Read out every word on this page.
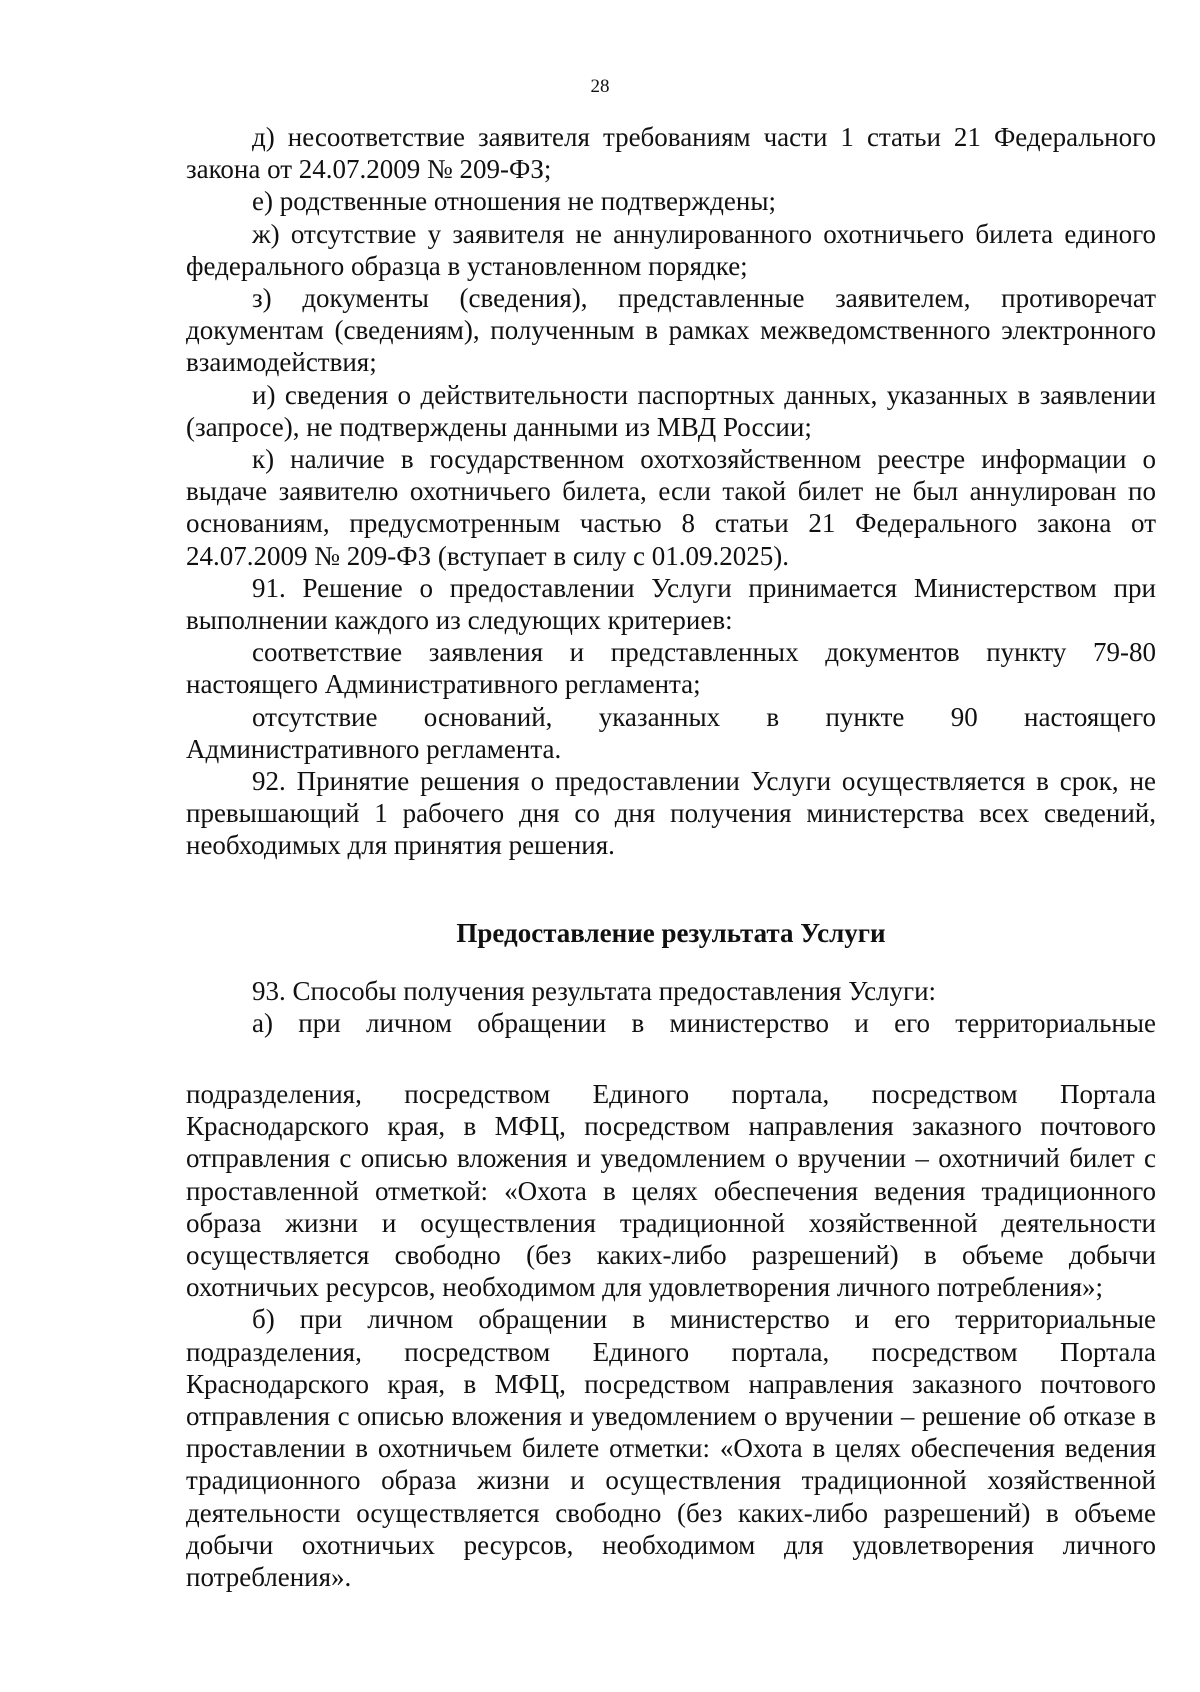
28

д) несоответствие заявителя требованиям части 1 статьи 21 Федерального закона от 24.07.2009 № 209-ФЗ;

е) родственные отношения не подтверждены;

ж) отсутствие у заявителя не аннулированного охотничьего билета единого федерального образца в установленном порядке;

з) документы (сведения), представленные заявителем, противоречат документам (сведениям), полученным в рамках межведомственного электронного взаимодействия;

и) сведения о действительности паспортных данных, указанных в заявлении (запросе), не подтверждены данными из МВД России;

к) наличие в государственном охотхозяйственном реестре информации о выдаче заявителю охотничьего билета, если такой билет не был аннулирован по основаниям, предусмотренным частью 8 статьи 21 Федерального закона от 24.07.2009 № 209-ФЗ (вступает в силу с 01.09.2025).

91. Решение о предоставлении Услуги принимается Министерством при выполнении каждого из следующих критериев:

соответствие заявления и представленных документов пункту 79-80 настоящего Административного регламента;

отсутствие оснований, указанных в пункте 90 настоящего Административного регламента.

92. Принятие решения о предоставлении Услуги осуществляется в срок, не превышающий 1 рабочего дня со дня получения министерства всех сведений, необходимых для принятия решения.

Предоставление результата Услуги

93. Способы получения результата предоставления Услуги:

а) при личном обращении в министерство и его территориальные

подразделения, посредством Единого портала, посредством Портала Краснодарского края, в МФЦ, посредством направления заказного почтового отправления с описью вложения и уведомлением о вручении – охотничий билет с проставленной отметкой: «Охота в целях обеспечения ведения традиционного образа жизни и осуществления традиционной хозяйственной деятельности осуществляется свободно (без каких-либо разрешений) в объеме добычи охотничьих ресурсов, необходимом для удовлетворения личного потребления»;

б) при личном обращении в министерство и его территориальные подразделения, посредством Единого портала, посредством Портала Краснодарского края, в МФЦ, посредством направления заказного почтового отправления с описью вложения и уведомлением о вручении – решение об отказе в проставлении в охотничьем билете отметки: «Охота в целях обеспечения ведения традиционного образа жизни и осуществления традиционной хозяйственной деятельности осуществляется свободно (без каких-либо разрешений) в объеме добычи охотничьих ресурсов, необходимом для удовлетворения личного потребления».
